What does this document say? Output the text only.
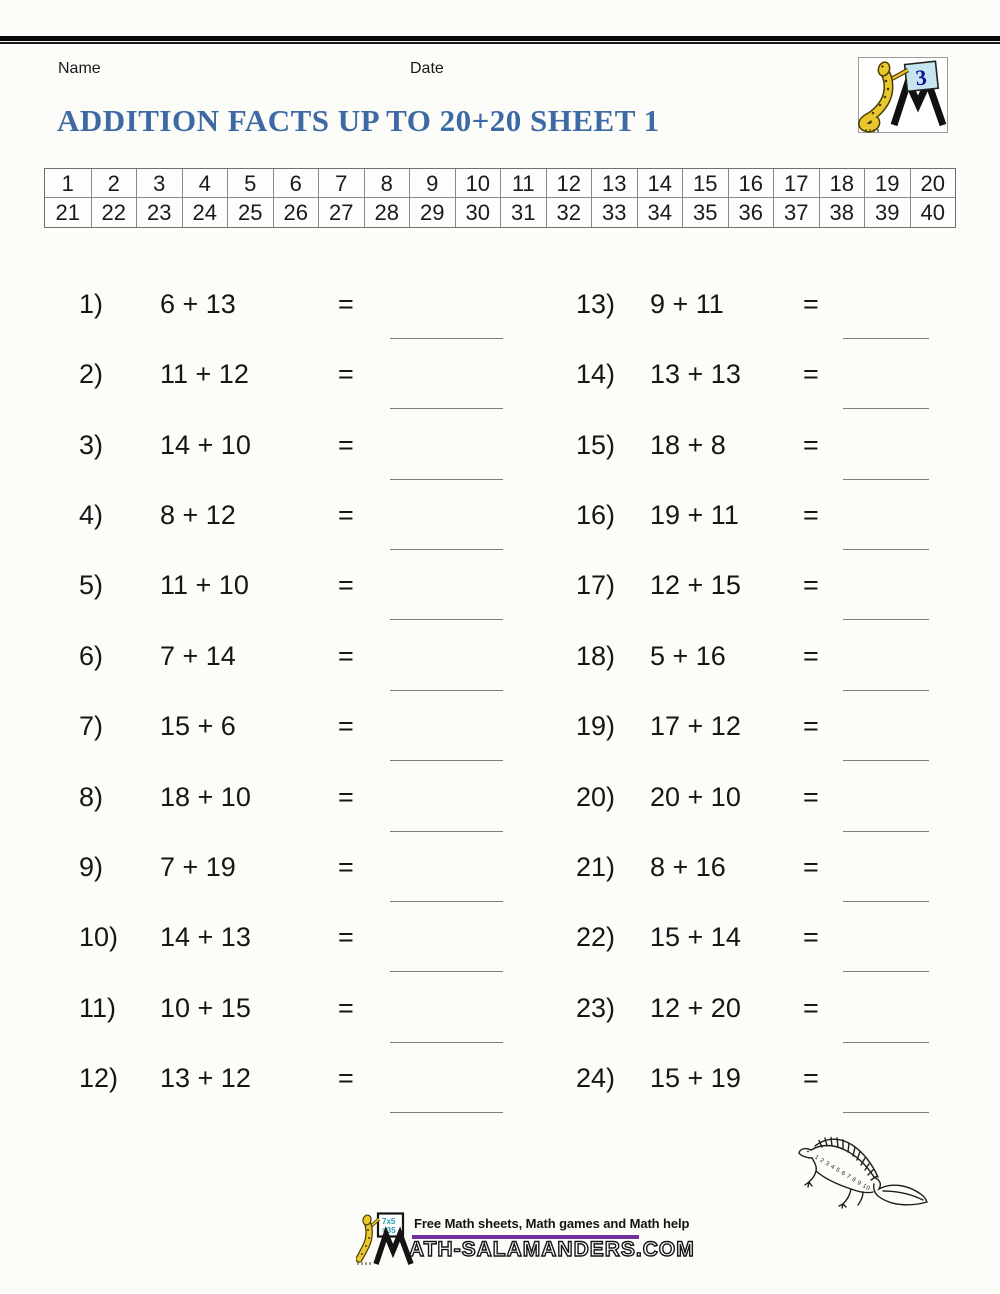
Name	Date	3
ADDITION FACTS UP TO 20+20 SHEET 1
1	2	3	4	5	6	7	8	9	10 11 12 13 14 15 16 17 18 19 20
21 22 23 24 25 26 27 28 29 30 31 32 33 34 35 36 37 38 39 40
1) 6 + 13	=
2) 11 + 12	=
3) 14 + 10	=
4) 8 + 12	=
5) 11 + 10	=
6) 7 + 14	=
7) 15 + 6	=
8) 18 + 10	=
9) 7 + 19	=
10) 14 + 13	=
11) 10 + 15	=
12) 13 + 12	=
13) 9 + 11	=
14) 13 + 13 =
15) 18 + 8	=
16) 19 + 11 =
17) 12 + 15 =
18) 5 + 16	=
19) 17 + 12 =
20) 20 + 10 =
21) 8 + 16	=
22) 15 + 14 =
23) 12 + 20 =
24) 15 + 19 =
1 2 3 4 5 6 7 8 9 10
7x5
=35 Free Math sheets, Math games and Math help
ATH-SALAMANDERS.COM
